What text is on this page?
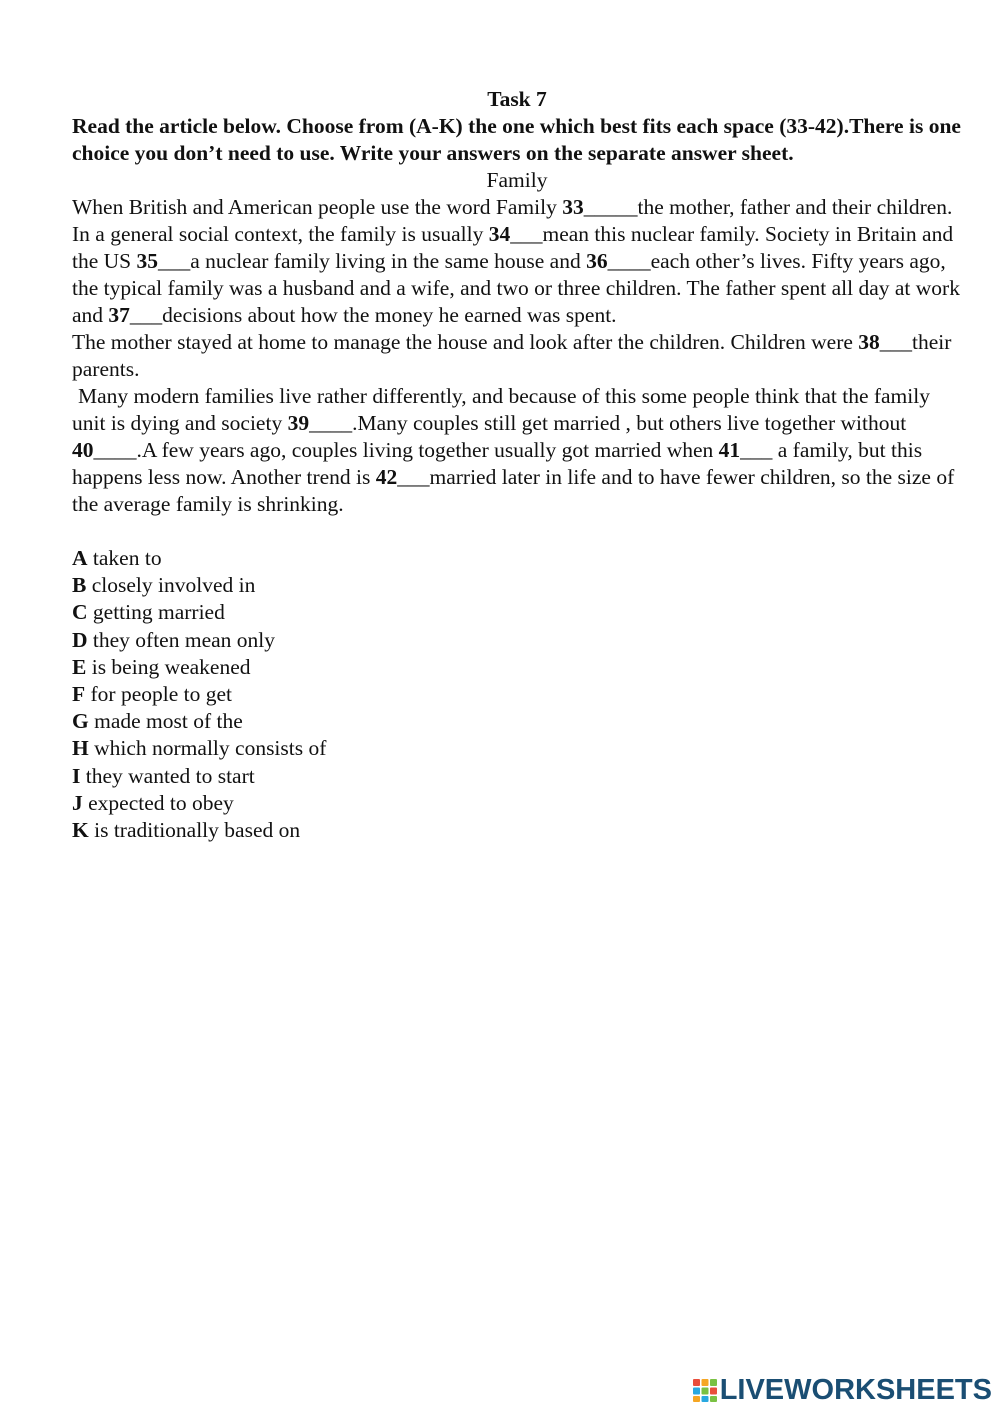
Task 7

Read the article below. Choose from (A-K) the one which best fits each space (33-42).There is one choice you don’t need to use. Write your answers on the separate answer sheet.

Family

When British and American people use the word Family 33_____the mother, father and their children. In a general social context, the family is usually 34___mean this nuclear family. Society in Britain and the US 35___a nuclear family living in the same house and 36____each other’s lives. Fifty years ago, the typical family was a husband and a wife, and two or three children. The father spent all day at work and 37___decisions about how the money he earned was spent.

The mother stayed at home to manage the house and look after the children. Children were 38___their parents.

Many modern families live rather differently, and because of this some people think that the family unit is dying and society 39____.Many couples still get married , but others live together without 40____.A few years ago, couples living together usually got married when 41___ a family, but this happens less now. Another trend is 42___married later in life and to have fewer children, so the size of the average family is shrinking.

A taken to

B closely involved in

C getting married

D they often mean only

E is being weakened

F for people to get

G made most of the

H which normally consists of

I they wanted to start

J expected to obey

K is traditionally based on

LIVEWORKSHEETS
